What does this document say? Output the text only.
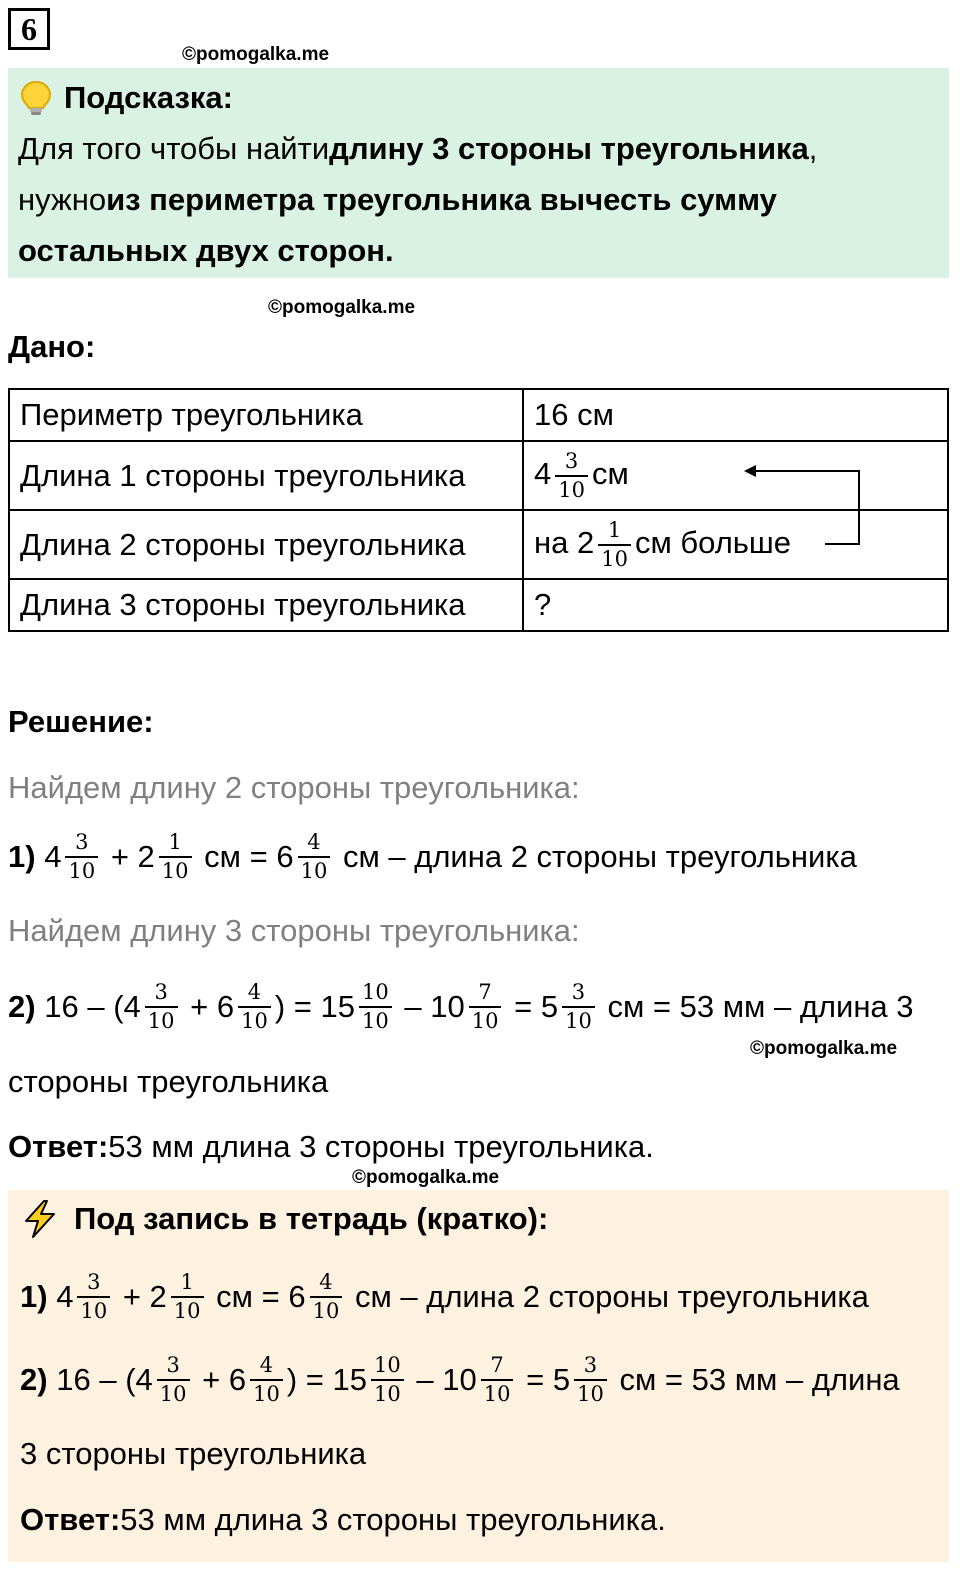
6
©pomogalka.me
Подсказка:
Для того чтобы найти длину 3 стороны треугольника ,
нужно из периметра треугольника вычесть сумму
остальных двух сторон.
©pomogalka.me
Дано:
Периметр треугольника	16 см
Длина 1 стороны треугольника	$4 \frac{3}{10}$ см
Длина 2 стороны треугольника	на $2 \frac{1}{10}$ см больше
Длина 3 стороны треугольника	?
Решение:
Найдем длину 2 стороны треугольника:
1)
$4 \frac{3}{10}$
+
$2 \frac{1}{10}$
см
=
$6 \frac{4}{10}$
см
– длина 2 стороны треугольника
Найдем длину 3 стороны треугольника:
2)
16
–
( $4 \frac{3}{10}$
+
$6 \frac{4}{10}$ )
=
$15 \frac{10}{10}$
–
$10 \frac{7}{10}$
=
$5 \frac{3}{10}$
см
=
53 мм
– длина 3
©pomogalka.me
стороны треугольника
Ответ: 53 мм длина 3 стороны треугольника.
©pomogalka.me
Под запись в тетрадь (кратко):
1)
$4 \frac{3}{10}$
+
$2 \frac{1}{10}$
см
=
$6 \frac{4}{10}$
см
– длина 2 стороны треугольника
2)
16
–
( $4 \frac{3}{10}$
+
$6 \frac{4}{10}$ )
=
$15 \frac{10}{10}$
–
$10 \frac{7}{10}$
=
$5 \frac{3}{10}$
см
=
53 мм
– длина
3 стороны треугольника
Ответ: 53 мм длина 3 стороны треугольника.
